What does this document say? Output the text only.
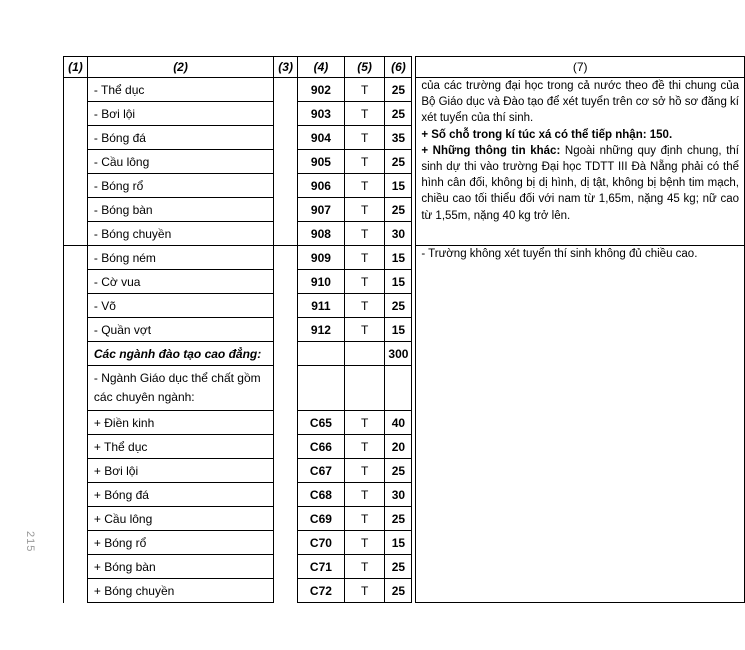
215
(1)	(2)	(3)	(4)	(5)	(6)		(7)
	- Thể dục		902	T	25		của các trường đại học trong cả nước theo đề thi chung của Bộ Giáo dục và Đào tạo để xét tuyển trên cơ sở hồ sơ đăng kí xét tuyển của thí sinh.

+ Số chỗ trong kí túc xá có thể tiếp nhận: 150.

+ Những thông tin khác: Ngoài những quy định chung, thí sinh dự thi vào trường Đại học TDTT III Đà Nẵng phải có thể hình cân đối, không bị dị hình, dị tật, không bị bệnh tim mạch, chiều cao tối thiểu đối với nam từ 1,65m, nặng 45 kg; nữ cao từ 1,55m, nặng 40 kg trở lên.

	- Bơi lội		903	T	25		
	- Bóng đá		904	T	35		
	- Cầu lông		905	T	25		
	- Bóng rổ		906	T	15		
	- Bóng bàn		907	T	25		
	- Bóng chuyền		908	T	30		
	- Bóng ném		909	T	15		- Trường không xét tuyển thí sinh không đủ chiều cao.

	- Cờ vua		910	T	15		
	- Võ		911	T	25		
	- Quần vợt		912	T	15		
	Các ngành đào tạo cao đẳng:				300		
	- Ngành Giáo dục thể chất gồm các chuyên ngành:						
	+ Điền kinh		C65	T	40		
	+ Thể dục		C66	T	20		
	+ Bơi lội		C67	T	25		
	+ Bóng đá		C68	T	30		
	+ Cầu lông		C69	T	25		
	+ Bóng rổ		C70	T	15		
	+ Bóng bàn		C71	T	25		
	+ Bóng chuyền		C72	T	25		
